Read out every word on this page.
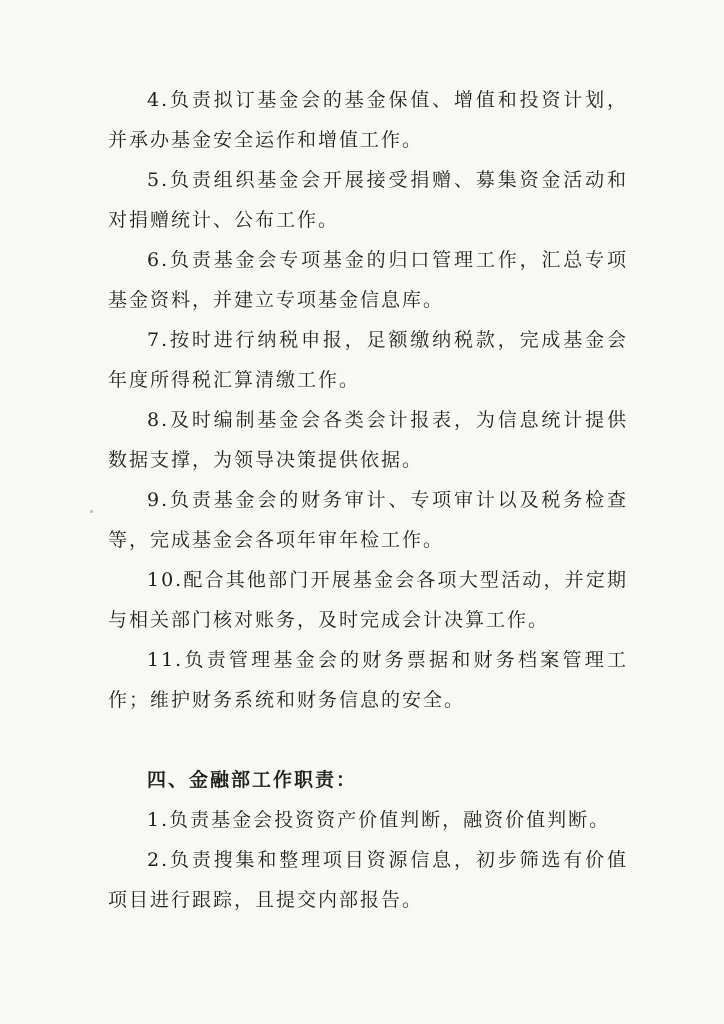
4.负责拟订基金会的基金保值、增值和投资计划，并承办基金安全运作和增值工作。

5.负责组织基金会开展接受捐赠、募集资金活动和对捐赠统计、公布工作。

6.负责基金会专项基金的归口管理工作，汇总专项基金资料，并建立专项基金信息库。

7.按时进行纳税申报，足额缴纳税款，完成基金会年度所得税汇算清缴工作。

8.及时编制基金会各类会计报表，为信息统计提供数据支撑，为领导决策提供依据。

9.负责基金会的财务审计、专项审计以及税务检查等，完成基金会各项年审年检工作。

10.配合其他部门开展基金会各项大型活动，并定期与相关部门核对账务，及时完成会计决算工作。

11.负责管理基金会的财务票据和财务档案管理工作；维护财务系统和财务信息的安全。

四、金融部工作职责：

1.负责基金会投资资产价值判断，融资价值判断。

2.负责搜集和整理项目资源信息，初步筛选有价值项目进行跟踪，且提交内部报告。
